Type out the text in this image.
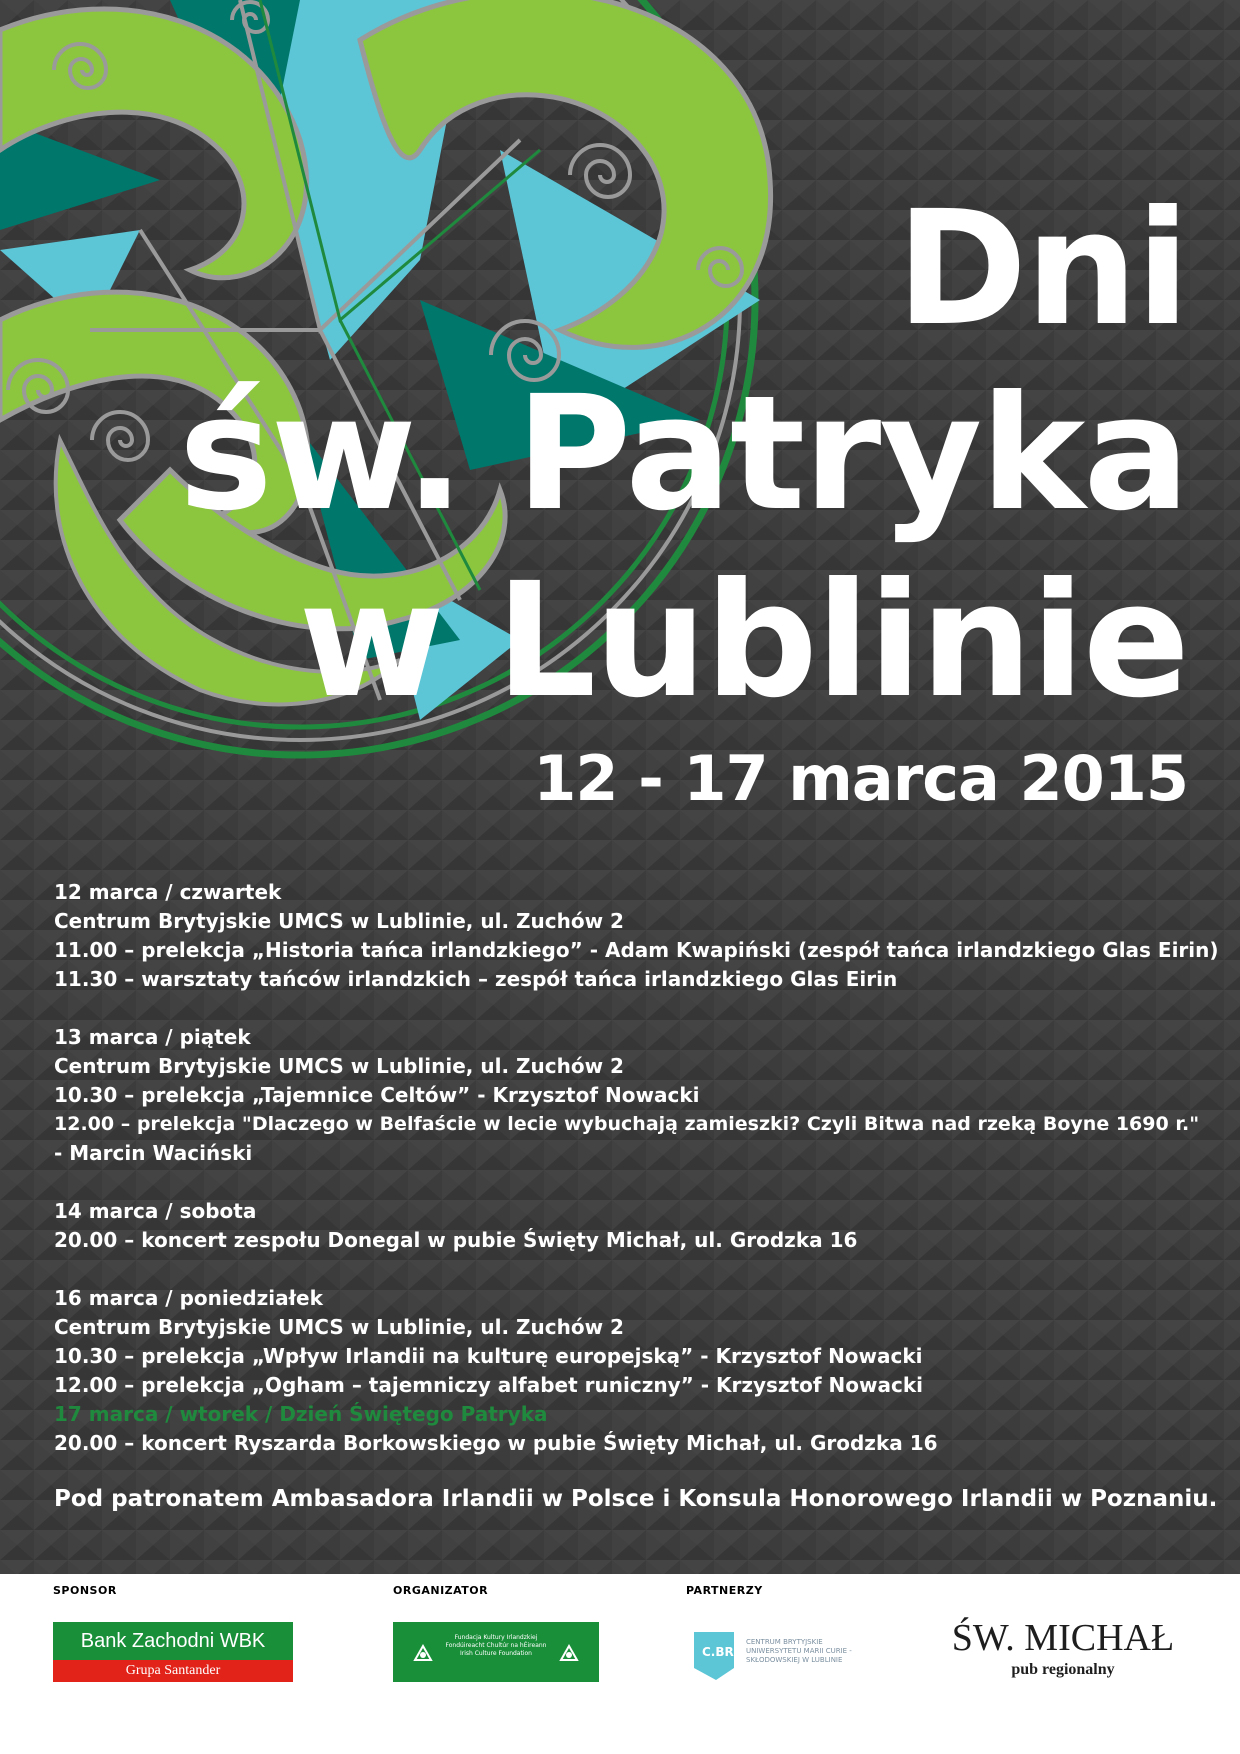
Dni
św. Patryka
w Lublinie
12 - 17 marca 2015
12 marca / czwartek
Centrum Brytyjskie UMCS w Lublinie, ul. Zuchów 2
11.00 – prelekcja „Historia tańca irlandzkiego” - Adam Kwapiński (zespół tańca irlandzkiego Glas Eirin)
11.30 – warsztaty tańców irlandzkich – zespół tańca irlandzkiego Glas Eirin
13 marca / piątek
Centrum Brytyjskie UMCS w Lublinie, ul. Zuchów 2
10.30 – prelekcja „Tajemnice Celtów” - Krzysztof Nowacki
12.00 – prelekcja "Dlaczego w Belfaście w lecie wybuchają zamieszki? Czyli Bitwa nad rzeką Boyne 1690 r."
- Marcin Waciński
14 marca / sobota
20.00 – koncert zespołu Donegal w pubie Święty Michał, ul. Grodzka 16
16 marca / poniedziałek
Centrum Brytyjskie UMCS w Lublinie, ul. Zuchów 2
10.30 – prelekcja „Wpływ Irlandii na kulturę europejską” - Krzysztof Nowacki
12.00 – prelekcja „Ogham – tajemniczy alfabet runiczny” - Krzysztof Nowacki
17 marca / wtorek / Dzień Świętego Patryka
20.00 – koncert Ryszarda Borkowskiego w pubie Święty Michał, ul. Grodzka 16
Pod patronatem Ambasadora Irlandii w Polsce i Konsula Honorowego Irlandii w Poznaniu.
SPONSOR	ORGANIZATOR	PARTNERZY
Bank Zachodni WBK
Grupa Santander
Fundacja Kultury Irlandzkiej Fondúireacht Chultúr na hÉireann Irish Culture Foundation	C.BR
CENTRUM BRYTYJSKIE UNIWERSYTETU MARII CURIE - SKŁODOWSKIEJ W LUBLINIE
ŚW. MICHAŁ
pub regionalny
